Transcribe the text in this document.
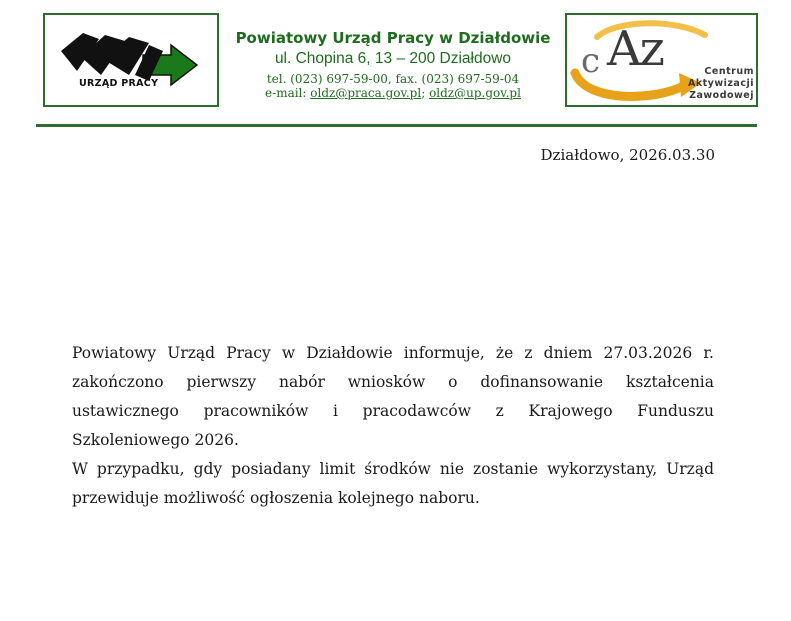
URZĄD PRACY
Powiatowy Urząd Pracy w Działdowie
ul. Chopina 6, 13 – 200 Działdowo
tel. (023) 697-59-00, fax. (023) 697-59-04
e-mail: oldz@praca.gov.pl; oldz@up.gov.pl
c Az	Centrum
Aktywizacji
Zawodowej
Działdowo, 2026.03.30

Powiatowy Urząd Pracy w Działdowie informuje, że z dniem 27.03.2026 r. zakończono pierwszy nabór wniosków o dofinansowanie kształcenia ustawicznego pracowników i pracodawców z Krajowego Funduszu Szkoleniowego 2026.

W przypadku, gdy posiadany limit środków nie zostanie wykorzystany, Urząd przewiduje możliwość ogłoszenia kolejnego naboru.
